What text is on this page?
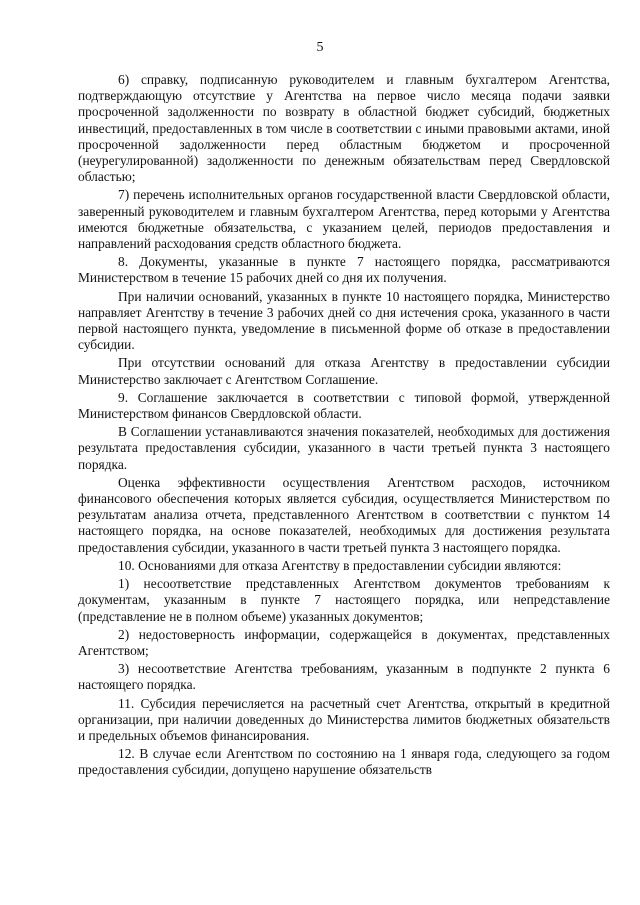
5

6) справку, подписанную руководителем и главным бухгалтером Агентства, подтверждающую отсутствие у Агентства на первое число месяца подачи заявки просроченной задолженности по возврату в областной бюджет субсидий, бюджетных инвестиций, предоставленных в том числе в соответствии с иными правовыми актами, иной просроченной задолженности перед областным бюджетом и просроченной (неурегулированной) задолженности по денежным обязательствам перед Свердловской областью;

7) перечень исполнительных органов государственной власти Свердловской области, заверенный руководителем и главным бухгалтером Агентства, перед которыми у Агентства имеются бюджетные обязательства, с указанием целей, периодов предоставления и направлений расходования средств областного бюджета.

8. Документы, указанные в пункте 7 настоящего порядка, рассматриваются Министерством в течение 15 рабочих дней со дня их получения.

При наличии оснований, указанных в пункте 10 настоящего порядка, Министерство направляет Агентству в течение 3 рабочих дней со дня истечения срока, указанного в части первой настоящего пункта, уведомление в письменной форме об отказе в предоставлении субсидии.

При отсутствии оснований для отказа Агентству в предоставлении субсидии Министерство заключает с Агентством Соглашение.

9. Соглашение заключается в соответствии с типовой формой, утвержденной Министерством финансов Свердловской области.

В Соглашении устанавливаются значения показателей, необходимых для достижения результата предоставления субсидии, указанного в части третьей пункта 3 настоящего порядка.

Оценка эффективности осуществления Агентством расходов, источником финансового обеспечения которых является субсидия, осуществляется Министерством по результатам анализа отчета, представленного Агентством в соответствии с пунктом 14 настоящего порядка, на основе показателей, необходимых для достижения результата предоставления субсидии, указанного в части третьей пункта 3 настоящего порядка.

10. Основаниями для отказа Агентству в предоставлении субсидии являются:

1) несоответствие представленных Агентством документов требованиям к документам, указанным в пункте 7 настоящего порядка, или непредставление (представление не в полном объеме) указанных документов;

2) недостоверность информации, содержащейся в документах, представленных Агентством;

3) несоответствие Агентства требованиям, указанным в подпункте 2 пункта 6 настоящего порядка.

11. Субсидия перечисляется на расчетный счет Агентства, открытый в кредитной организации, при наличии доведенных до Министерства лимитов бюджетных обязательств и предельных объемов финансирования.

12. В случае если Агентством по состоянию на 1 января года, следующего за годом предоставления субсидии, допущено нарушение обязательств
